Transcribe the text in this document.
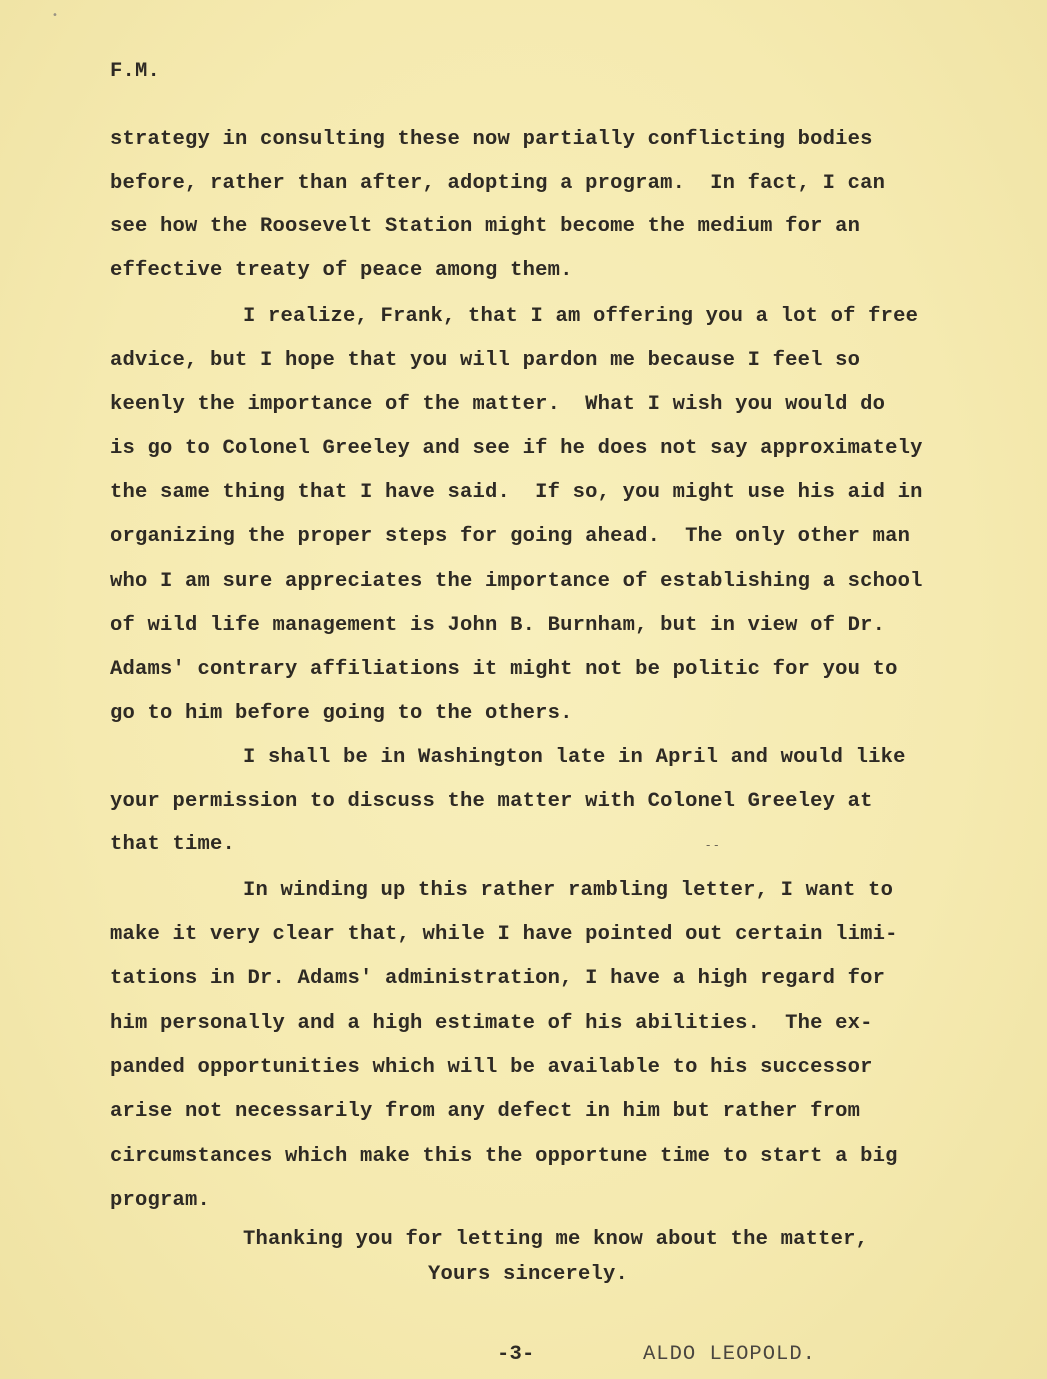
•
F.M.
strategy in consulting these now partially conflicting bodies
before, rather than after, adopting a program.  In fact, I can
see how the Roosevelt Station might become the medium for an
effective treaty of peace among them.
I realize, Frank, that I am offering you a lot of free
advice, but I hope that you will pardon me because I feel so
keenly the importance of the matter.  What I wish you would do
is go to Colonel Greeley and see if he does not say approximately
the same thing that I have said.  If so, you might use his aid in
organizing the proper steps for going ahead.  The only other man
who I am sure appreciates the importance of establishing a school
of wild life management is John B. Burnham, but in view of Dr.
Adams' contrary affiliations it might not be politic for you to
go to him before going to the others.
I shall be in Washington late in April and would like
your permission to discuss the matter with Colonel Greeley at
that time.	- -
In winding up this rather rambling letter, I want to
make it very clear that, while I have pointed out certain limi-
tations in Dr. Adams' administration, I have a high regard for
him personally and a high estimate of his abilities.  The ex-
panded opportunities which will be available to his successor
arise not necessarily from any defect in him but rather from
circumstances which make this the opportune time to start a big
program.
Thanking you for letting me know about the matter,
Yours sincerely.
-3-	ALDO LEOPOLD.
